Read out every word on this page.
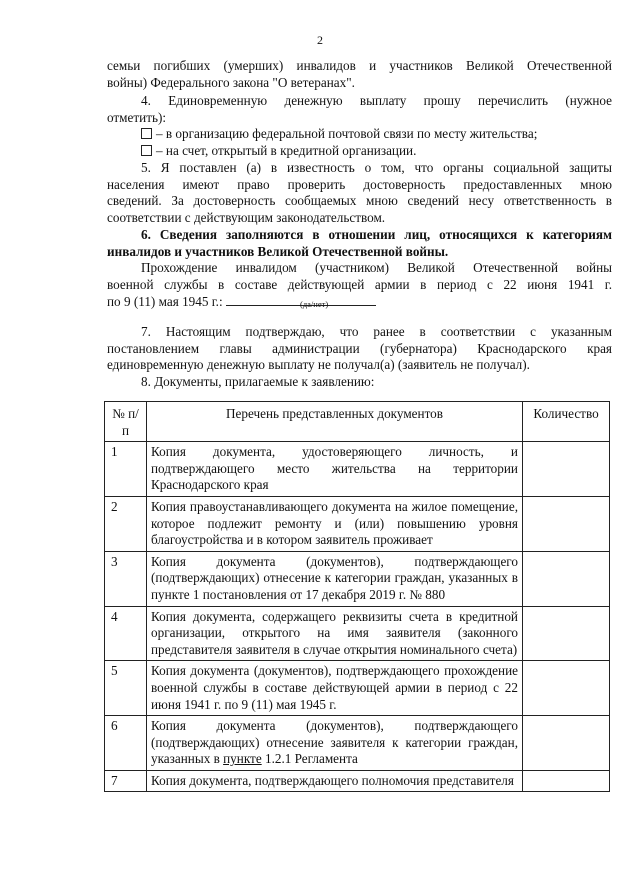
2
семьи погибших (умерших) инвалидов и участников Великой Отечественной
войны) Федерального закона "О ветеранах".
4. Единовременную денежную выплату прошу перечислить (нужное
отметить):
– в организацию федеральной почтовой связи по месту жительства;
– на счет, открытый в кредитной организации.
5. Я поставлен (а) в известность о том, что органы социальной защиты
населения имеют право проверить достоверность предоставленных мною
сведений. За достоверность сообщаемых мною сведений несу ответственность в
соответствии с действующим законодательством.
6. Сведения заполняются в отношении лиц, относящихся к категориям
инвалидов и участников Великой Отечественной войны.
Прохождение инвалидом (участником) Великой Отечественной войны
военной службы в составе действующей армии в период с 22 июня 1941 г.
по 9 (11) мая 1945 г.:	(да/нет)
7. Настоящим подтверждаю, что ранее в соответствии с указанным
постановлением главы администрации (губернатора) Краснодарского края
единовременную денежную выплату не получал(а) (заявитель не получал).
8. Документы, прилагаемые к заявлению:
№ п/п	Перечень представленных документов	Количество

1	Копия документа, удостоверяющего личность, и подтверждающего место жительства на территории Краснодарского края	

2	Копия правоустанавливающего документа на жилое помещение, которое подлежит ремонту и (или) повышению уровня благоустройства и в котором заявитель проживает	

3	Копия документа (документов), подтверждающего (подтверждающих) отнесение к категории граждан, указанных в пункте 1 постановления от 17 декабря 2019 г. № 880	

4	Копия документа, содержащего реквизиты счета в кредитной организации, открытого на имя заявителя (законного представителя заявителя в случае открытия номинального счета)	

5	Копия документа (документов), подтверждающего прохождение военной службы в составе действующей армии в период с 22 июня 1941 г. по 9 (11) мая 1945 г.	

6	Копия документа (документов), подтверждающего (подтверждающих) отнесение заявителя к категории граждан, указанных в пункте 1.2.1 Регламента	

7	Копия документа, подтверждающего полномочия представителя	
